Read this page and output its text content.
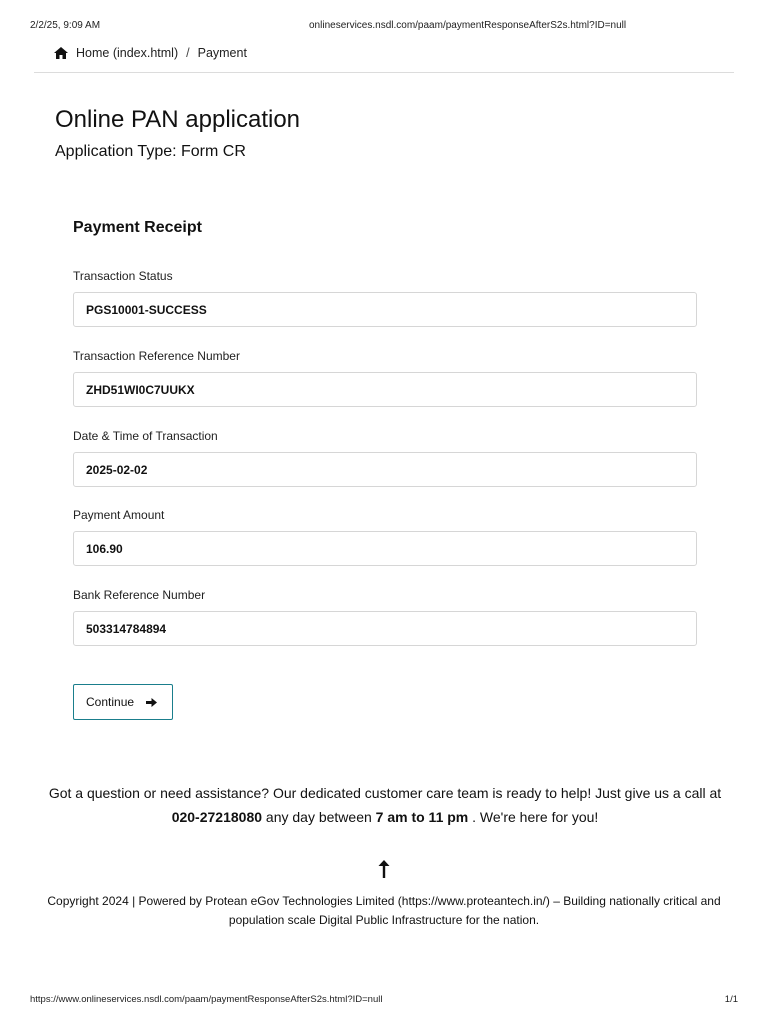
2/2/25, 9:09 AM	onlineservices.nsdl.com/paam/paymentResponseAfterS2s.html?ID=null
Home (index.html) / Payment
Online PAN application
Application Type: Form CR
Payment Receipt
Transaction Status
PGS10001-SUCCESS
Transaction Reference Number
ZHD51WI0C7UUKX
Date & Time of Transaction
2025-02-02
Payment Amount
106.90
Bank Reference Number
503314784894
Continue

Got a question or need assistance? Our dedicated customer care team is ready to help! Just give us a call at 020-27218080 any day between 7 am to 11 pm . We're here for you!

Copyright 2024 | Powered by Protean eGov Technologies Limited (https://www.proteantech.in/) – Building nationally critical and population scale Digital Public Infrastructure for the nation.

https://www.onlineservices.nsdl.com/paam/paymentResponseAfterS2s.html?ID=null	1/1
